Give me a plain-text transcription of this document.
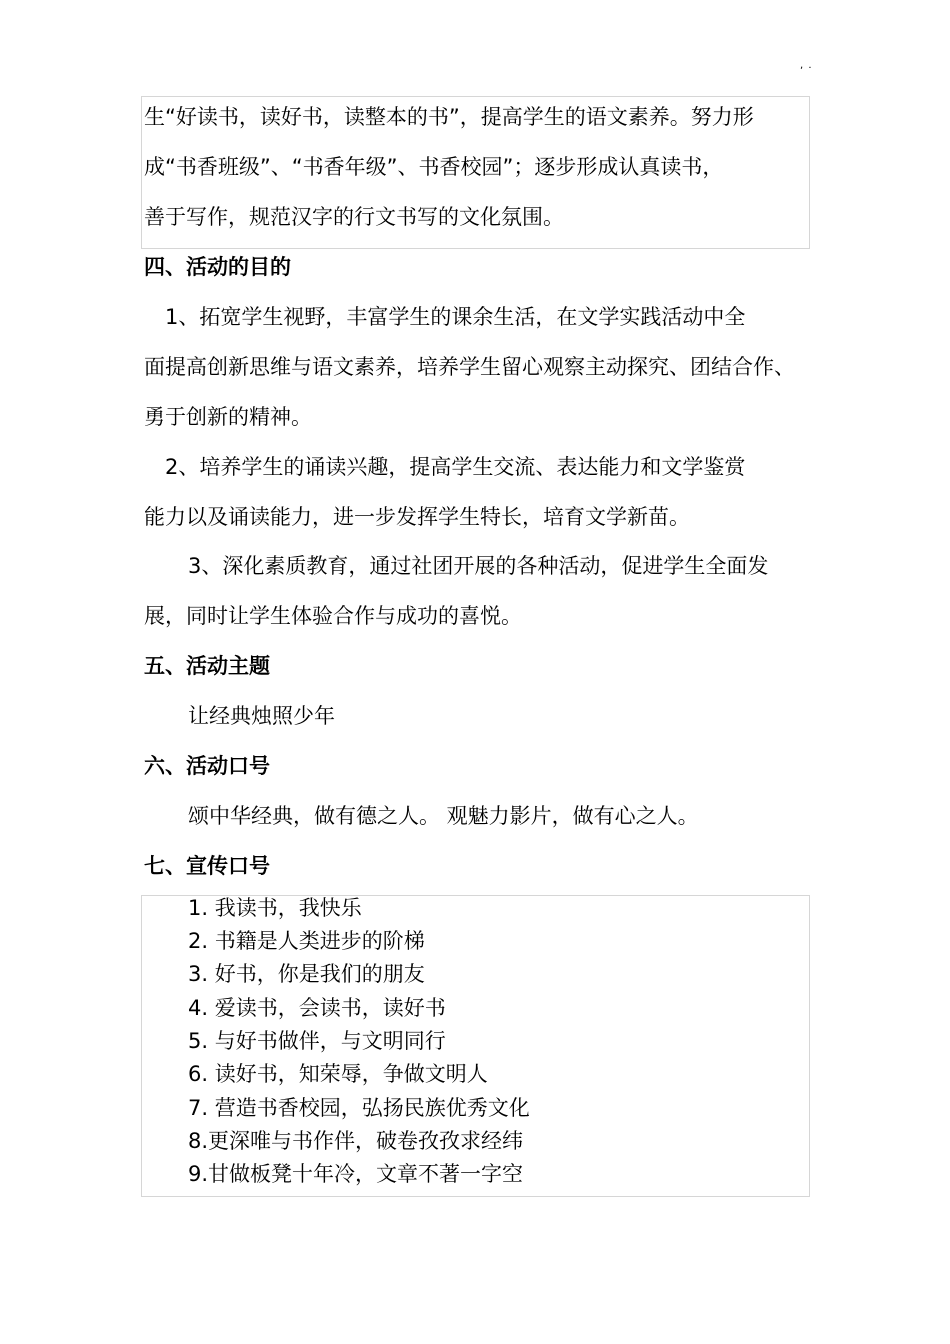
, .
生“好读书，读好书，读整本的书”，提高学生的语文素养。努力形
成“书香班级”、“书香年级”、书香校园”；逐步形成认真读书，
善于写作，规范汉字的行文书写的文化氛围。
四、活动的目的
　1、拓宽学生视野，丰富学生的课余生活，在文学实践活动中全
面提高创新思维与语文素养，培养学生留心观察主动探究、团结合作、
勇于创新的精神。
　2、培养学生的诵读兴趣，提高学生交流、表达能力和文学鉴赏
能力以及诵读能力，进一步发挥学生特长，培育文学新苗。
3、深化素质教育，通过社团开展的各种活动，促进学生全面发
展，同时让学生体验合作与成功的喜悦。
五、活动主题
让经典烛照少年
六、活动口号
颂中华经典，做有德之人。 观魅力影片，做有心之人。
七、宣传口号
1. 我读书，我快乐
2. 书籍是人类进步的阶梯
3. 好书，你是我们的朋友
4. 爱读书，会读书，读好书
5. 与好书做伴，与文明同行
6. 读好书，知荣辱，争做文明人
7. 营造书香校园，弘扬民族优秀文化
8.更深唯与书作伴，破卷孜孜求经纬
9.甘做板凳十年冷，文章不著一字空
